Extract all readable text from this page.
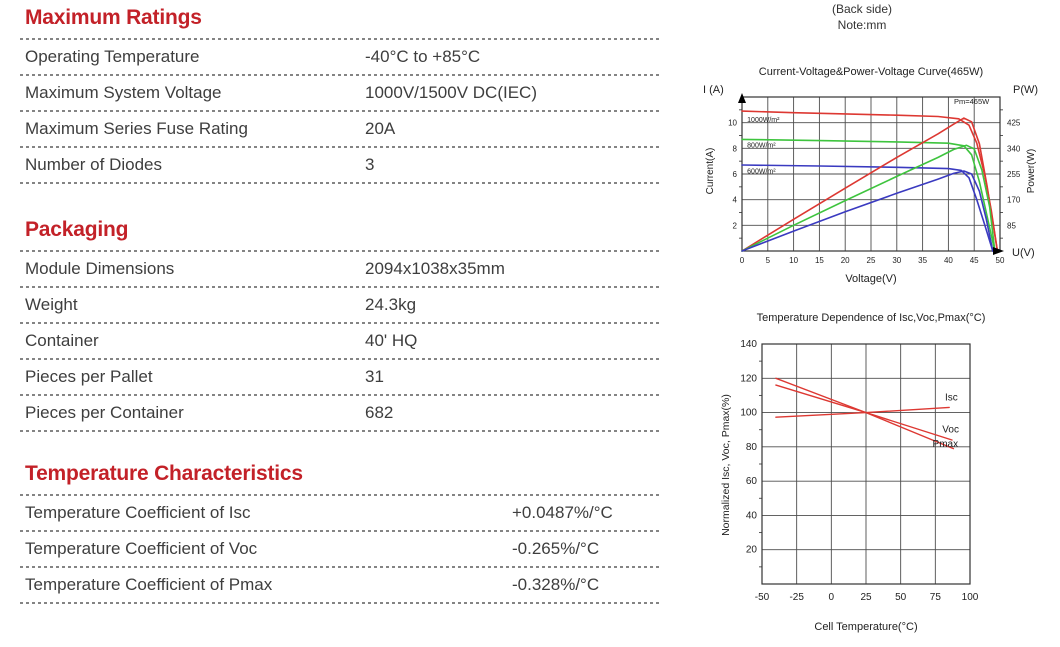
Maximum Ratings
Operating Temperature	-40°C to +85°C
Maximum System Voltage	1000V/1500V DC(IEC)
Maximum Series Fuse Rating	20A
Number of Diodes	3
Packaging
Module Dimensions	2094x1038x35mm
Weight	24.3kg
Container	40' HQ
Pieces per Pallet	31
Pieces per Container	682
Temperature Characteristics
Temperature Coefficient of Isc	+0.0487%/°C
Temperature Coefficient of Voc	-0.265%/°C
Temperature Coefficient of Pmax	-0.328%/°C
(Back side)
Note:mm
Current-Voltage&Power-Voltage Curve(465W)
I (A)	P(W)
U(V)
Voltage(V)
Current(A)	Power(W)
0	5 10 15 20 25 30 35 40 45 50
2
4
6
8
10
85
170
255
340
425
1000W/m²
800W/m²
600W/m²
Pm=465W
Temperature Dependence of Isc,Voc,Pmax(°C)
Cell Temperature(°C)
Normalized Isc, Voc, Pmax(%)
-50 -25 0	25 50 75 100
20
40
60
80
100
120
140
Isc
Voc
Pmax
